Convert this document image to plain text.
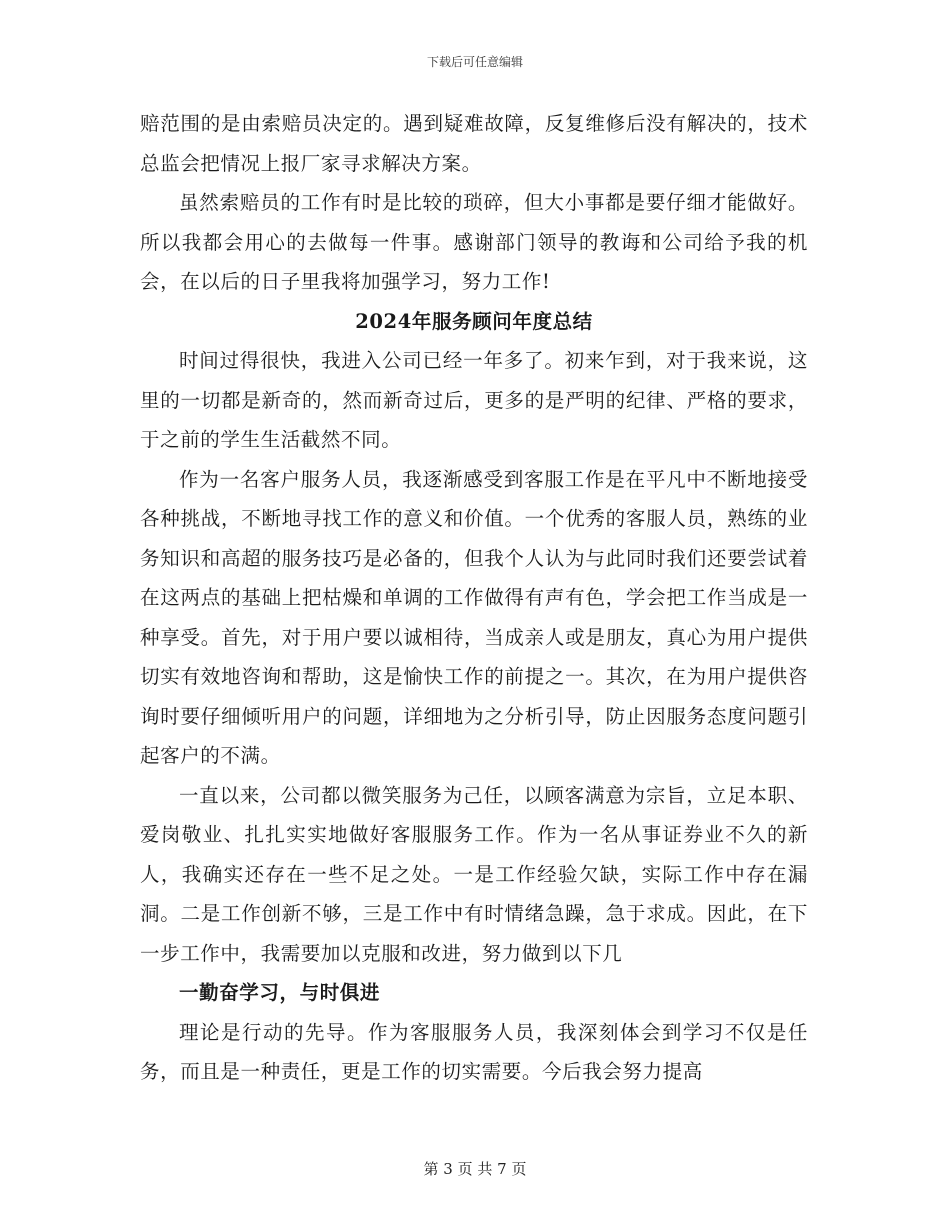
下载后可任意编辑

赔范围的是由索赔员决定的。遇到疑难故障，反复维修后没有解决的，技术总监会把情况上报厂家寻求解决方案。

虽然索赔员的工作有时是比较的琐碎，但大小事都是要仔细才能做好。所以我都会用心的去做每一件事。感谢部门领导的教诲和公司给予我的机会，在以后的日子里我将加强学习，努力工作!

2024年服务顾问年度总结

时间过得很快，我进入公司已经一年多了。初来乍到，对于我来说，这里的一切都是新奇的，然而新奇过后，更多的是严明的纪律、严格的要求，于之前的学生生活截然不同。

作为一名客户服务人员，我逐渐感受到客服工作是在平凡中不断地接受各种挑战，不断地寻找工作的意义和价值。一个优秀的客服人员，熟练的业务知识和高超的服务技巧是必备的，但我个人认为与此同时我们还要尝试着在这两点的基础上把枯燥和单调的工作做得有声有色，学会把工作当成是一种享受。首先，对于用户要以诚相待，当成亲人或是朋友，真心为用户提供切实有效地咨询和帮助，这是愉快工作的前提之一。其次，在为用户提供咨询时要仔细倾听用户的问题，详细地为之分析引导，防止因服务态度问题引起客户的不满。

一直以来，公司都以微笑服务为己任，以顾客满意为宗旨，立足本职、爱岗敬业、扎扎实实地做好客服服务工作。作为一名从事证券业不久的新人，我确实还存在一些不足之处。一是工作经验欠缺，实际工作中存在漏洞。二是工作创新不够，三是工作中有时情绪急躁，急于求成。因此，在下一步工作中，我需要加以克服和改进，努力做到以下几

一勤奋学习，与时俱进

理论是行动的先导。作为客服服务人员，我深刻体会到学习不仅是任务，而且是一种责任，更是工作的切实需要。今后我会努力提高

第 3 页 共 7 页
